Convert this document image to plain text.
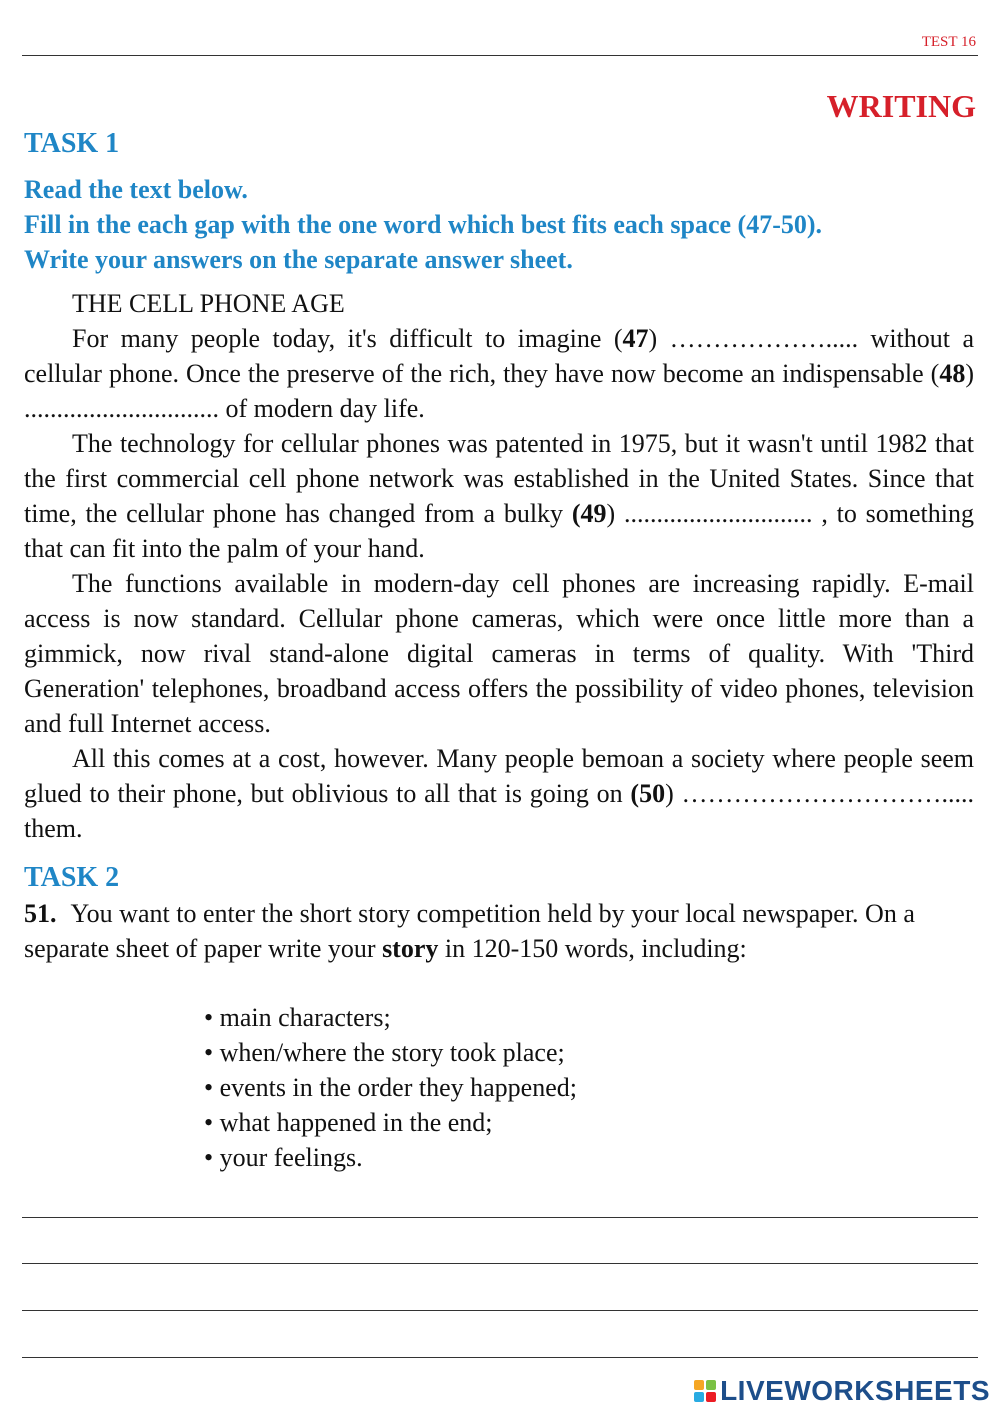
TEST 16
WRITING
TASK 1
Read the text below.
Fill in the each gap with the one word which best fits each space (47-50).
Write your answers on the separate answer sheet.

THE CELL PHONE AGE

For many people today, it's difficult to imagine (47) ………………..... without a cellular phone. Once the preserve of the rich, they have now become an indispensable (48) .............................. of modern day life.

The technology for cellular phones was patented in 1975, but it wasn't until 1982 that the first commercial cell phone network was established in the United States. Since that time, the cellular phone has changed from a bulky (49) ............................. , to something that can fit into the palm of your hand.

The functions available in modern-day cell phones are increasing rapidly. E-mail access is now standard. Cellular phone cameras, which were once little more than a gimmick, now rival stand-alone digital cameras in terms of quality. With 'Third Generation' telephones, broadband access offers the possibility of video phones, television and full Internet access.

All this comes at a cost, however. Many people bemoan a society where people seem glued to their phone, but oblivious to all that is going on (50) …………………………..... them.

TASK 2
51. You want to enter the short story competition held by your local newspaper. On a separate sheet of paper write your story in 120-150 words, including:
• main characters;
• when/where the story took place;
• events in the order they happened;
• what happened in the end;
• your feelings.
LIVEWORKSHEETS
